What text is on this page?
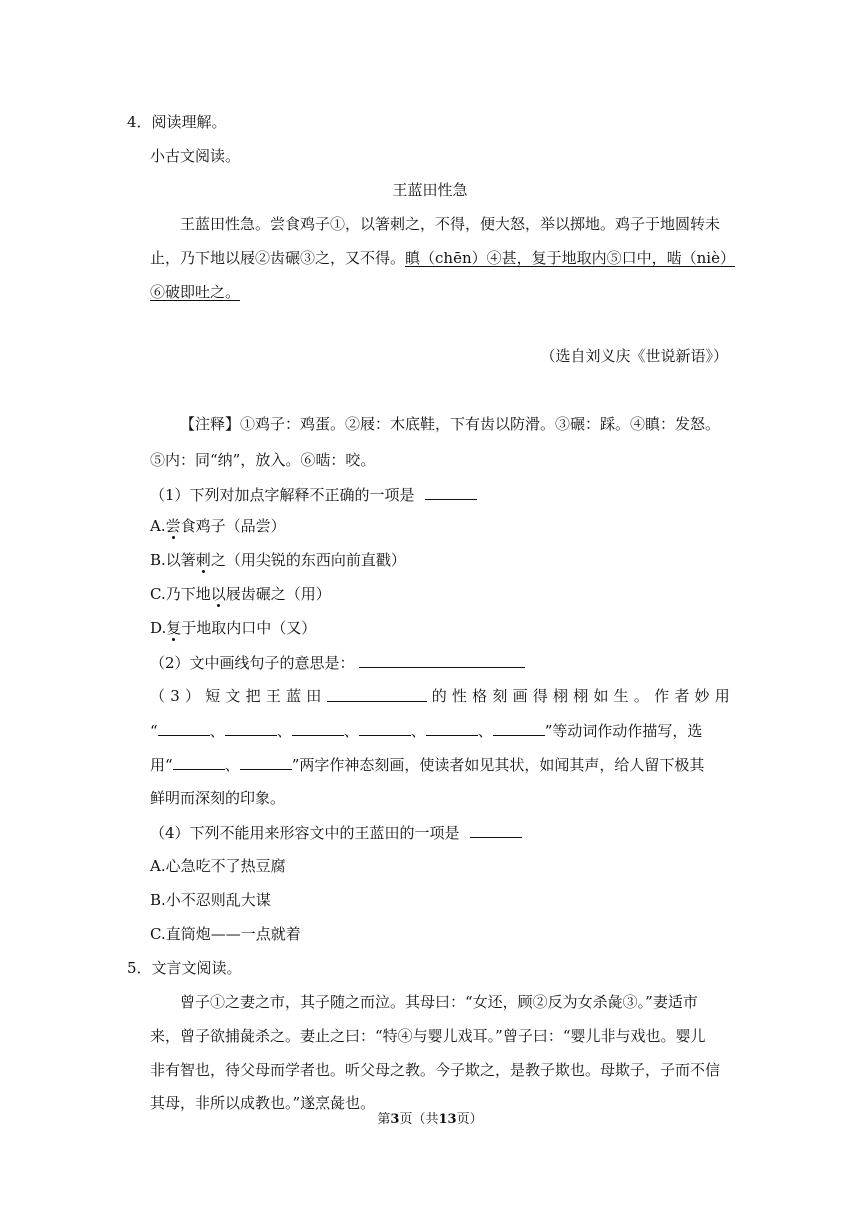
4．阅读理解。
小古文阅读。
王蓝田性急
王蓝田性急。尝食鸡子①，以箸刺之，不得，便大怒，举以掷地。鸡子于地圆转未
止，乃下地以屐②齿碾③之，又不得。瞋（chēn）④甚，复于地取内⑤口中，啮（niè）
⑥破即吐之。
（选自刘义庆《世说新语》）
【注释】①鸡子：鸡蛋。②屐：木底鞋，下有齿以防滑。③碾：踩。④瞋：发怒。
⑤内：同“纳”，放入。⑥啮：咬。
（1）下列对加点字解释不正确的一项是
A.尝食鸡子（品尝）
B.以箸刺之（用尖锐的东西向前直戳）
C.乃下地以屐齿碾之（用）
D.复于地取内口中（又）
（2）文中画线句子的意思是：
（ 3 ） 短 文 把 王 蓝 田	的 性 格 刻 画 得 栩 栩 如 生 。 作 者 妙 用
“	、	、	、	、	、	”等动词作动作描写，选
用“	、	”两字作神态刻画，使读者如见其状，如闻其声，给人留下极其
鲜明而深刻的印象。
（4）下列不能用来形容文中的王蓝田的一项是
A.心急吃不了热豆腐
B.小不忍则乱大谋
C.直筒炮——一点就着
5．文言文阅读。
曾子①之妻之市，其子随之而泣。其母曰：“女还，顾②反为女杀彘③。”妻适市
来，曾子欲捕彘杀之。妻止之曰：“特④与婴儿戏耳。”曾子曰：“婴儿非与戏也。婴儿
非有智也，待父母而学者也。听父母之教。今子欺之，是教子欺也。母欺子，子而不信
其母，非所以成教也。”遂烹彘也。
第3页（共13页）
